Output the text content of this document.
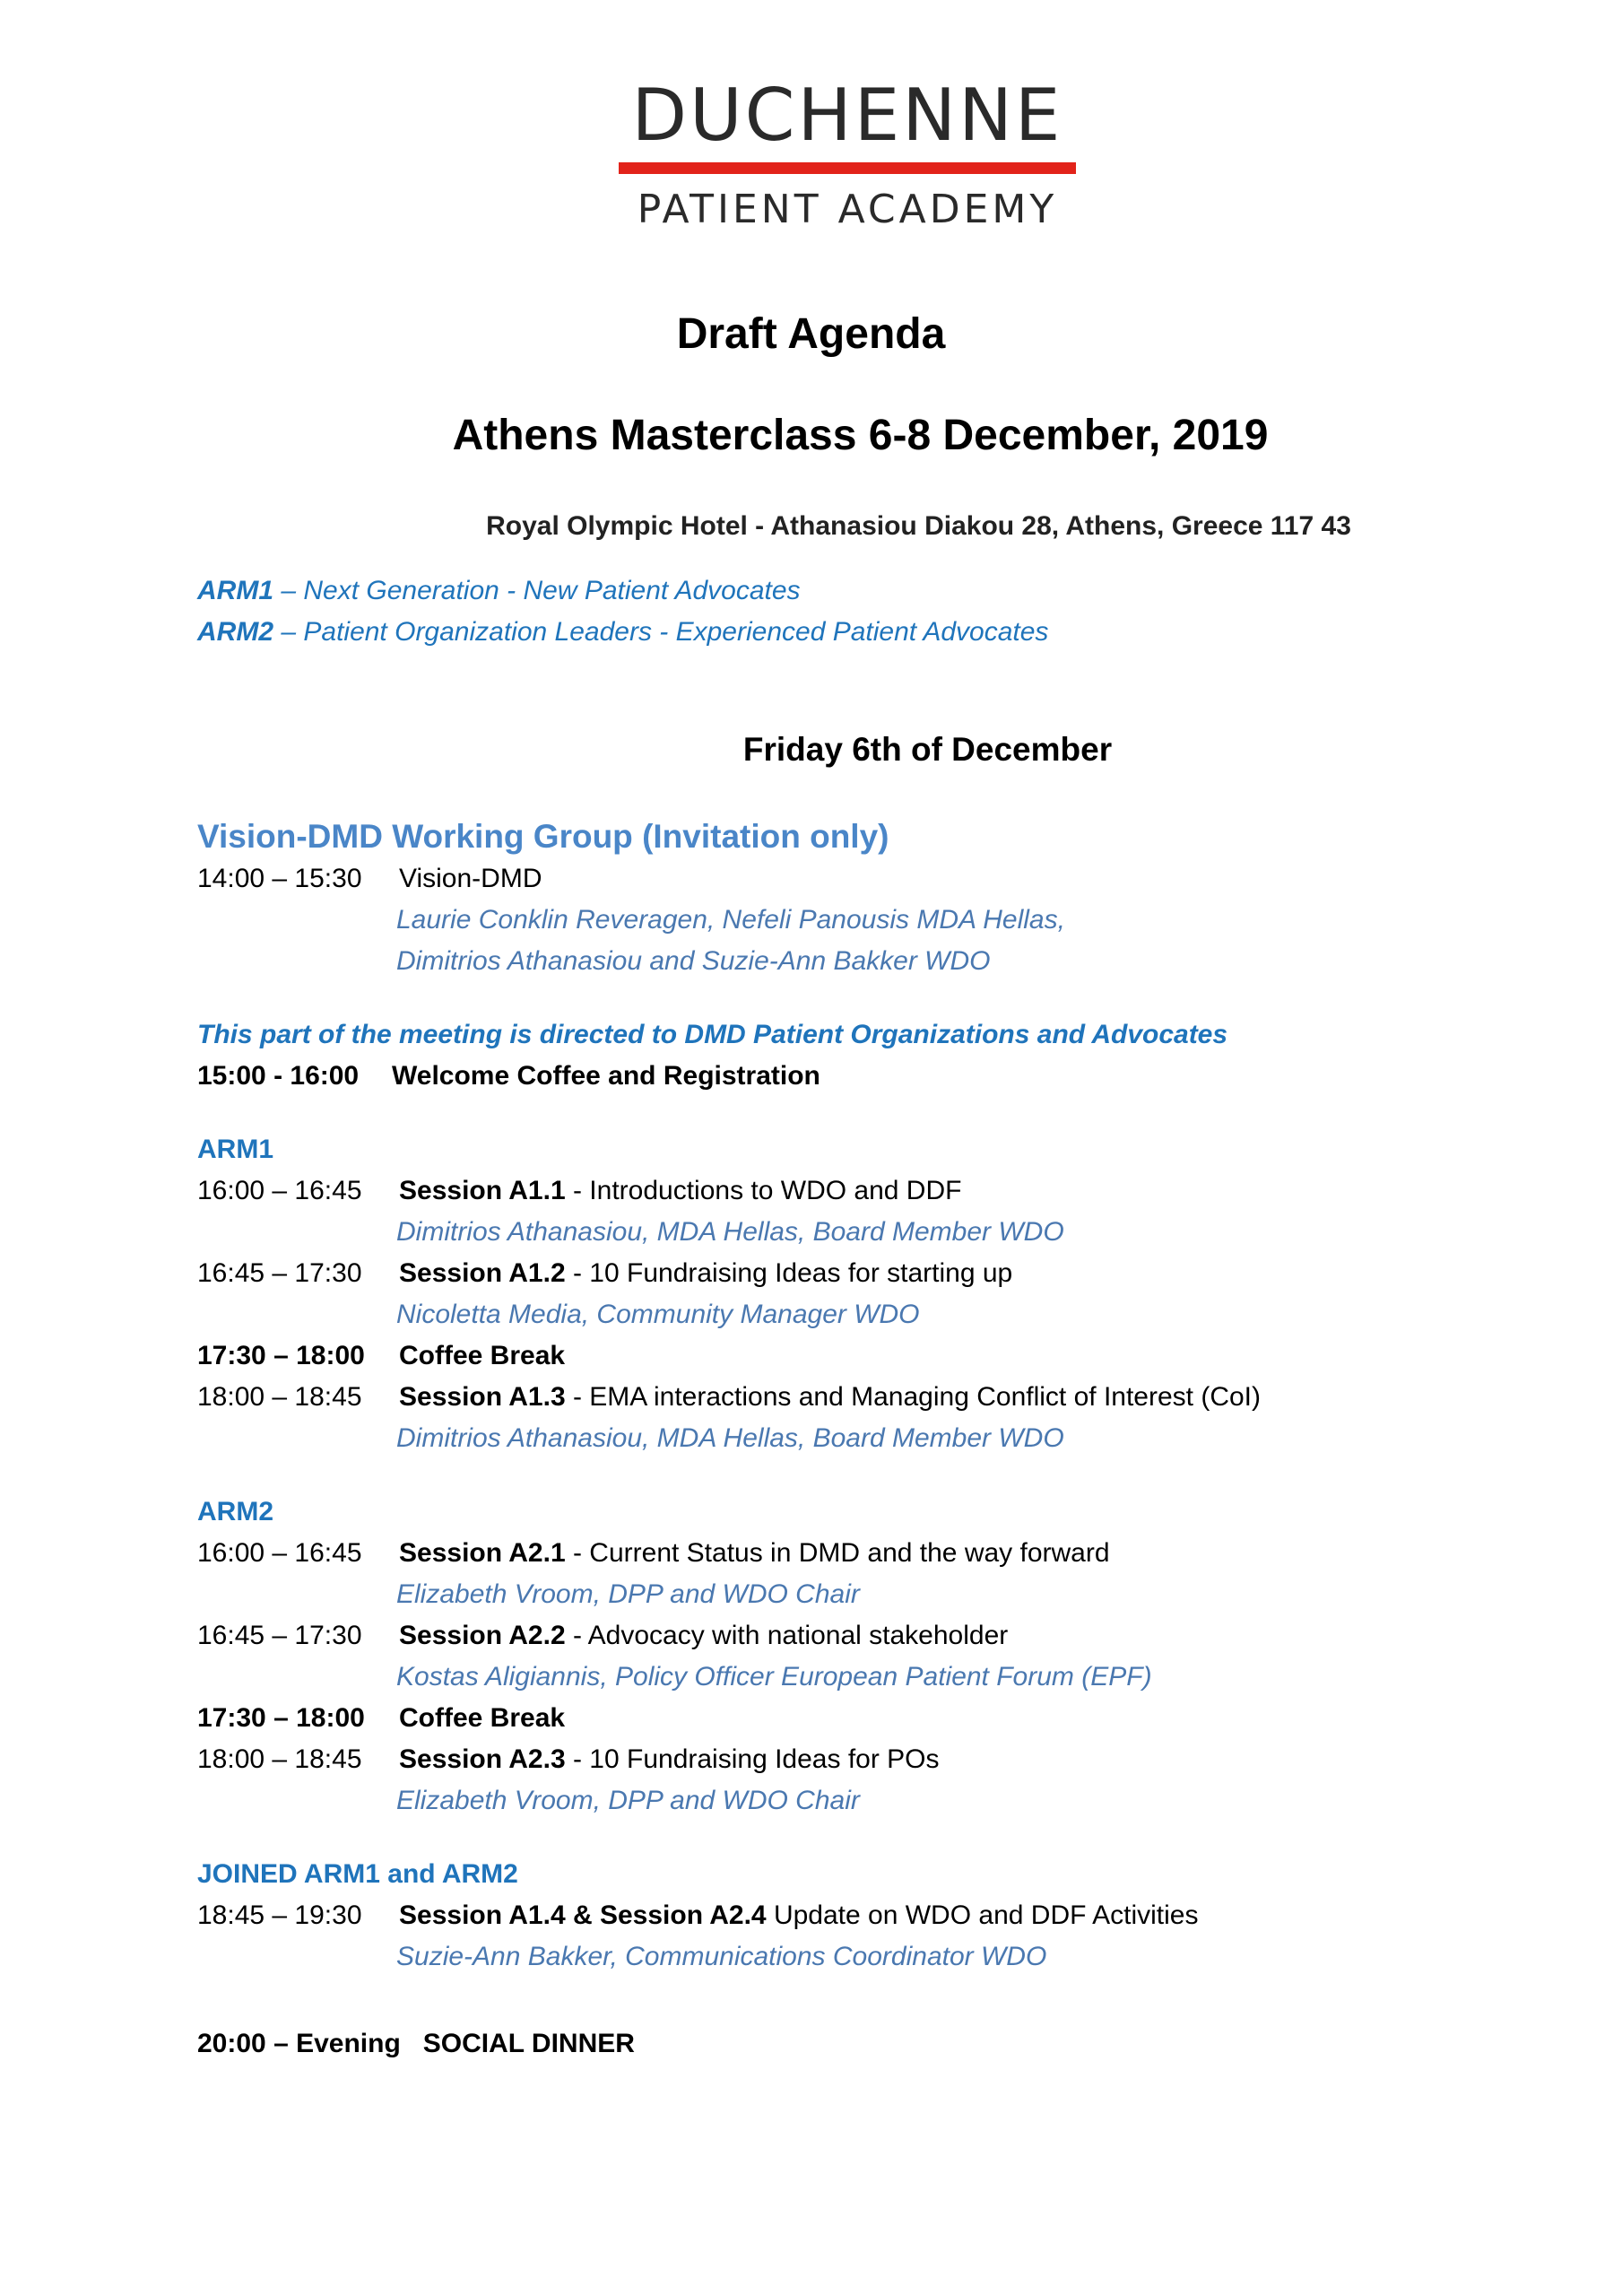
DUCHENNE
PATIENT ACADEMY
Draft Agenda
Athens Masterclass 6-8 December, 2019
Royal Olympic Hotel - Athanasiou Diakou 28, Athens, Greece 117 43
ARM1 – Next Generation - New Patient Advocates
ARM2 – Patient Organization Leaders - Experienced Patient Advocates
Friday 6th of December
Vision-DMD Working Group (Invitation only)
14:00 – 15:30 Vision-DMD
Laurie Conklin Reveragen, Nefeli Panousis MDA Hellas,
Dimitrios Athanasiou and Suzie-Ann Bakker WDO
This part of the meeting is directed to DMD Patient Organizations and Advocates
15:00 - 16:00 Welcome Coffee and Registration
ARM1
16:00 – 16:45 Session A1.1 - Introductions to WDO and DDF
Dimitrios Athanasiou, MDA Hellas, Board Member WDO
16:45 – 17:30 Session A1.2 - 10 Fundraising Ideas for starting up
Nicoletta Media, Community Manager WDO
17:30 – 18:00 Coffee Break
18:00 – 18:45 Session A1.3 - EMA interactions and Managing Conflict of Interest (CoI)
Dimitrios Athanasiou, MDA Hellas, Board Member WDO
ARM2
16:00 – 16:45 Session A2.1 - Current Status in DMD and the way forward
Elizabeth Vroom, DPP and WDO Chair
16:45 – 17:30 Session A2.2 - Advocacy with national stakeholder
Kostas Aligiannis, Policy Officer European Patient Forum (EPF)
17:30 – 18:00 Coffee Break
18:00 – 18:45 Session A2.3 - 10 Fundraising Ideas for POs
Elizabeth Vroom, DPP and WDO Chair
JOINED ARM1 and ARM2
18:45 – 19:30 Session A1.4 & Session A2.4 Update on WDO and DDF Activities
Suzie-Ann Bakker, Communications Coordinator WDO
20:00 – Evening SOCIAL DINNER
